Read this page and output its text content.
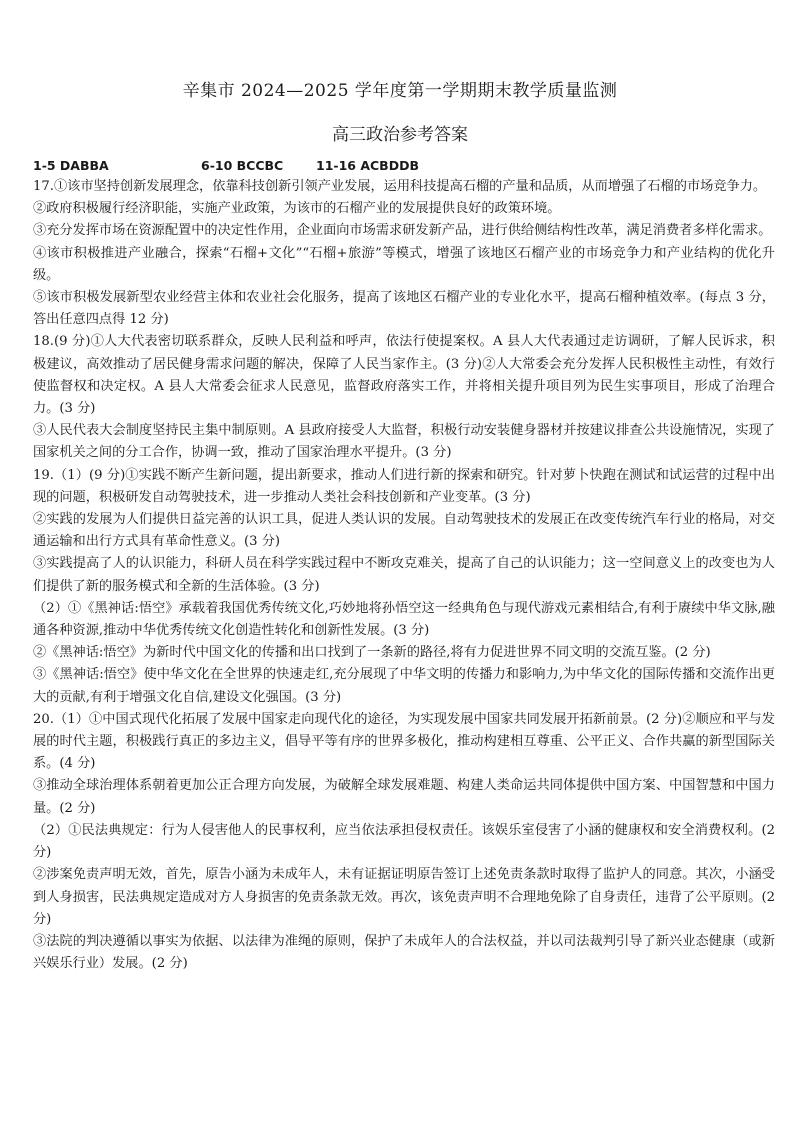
辛集市 2024—2025 学年度第一学期期末教学质量监测
高三政治参考答案
1-5 DABBA	6-10 BCCBC	11-16 ACBDDB

17.①该市坚持创新发展理念，依靠科技创新引领产业发展，运用科技提高石榴的产量和品质，从而增强了石榴的市场竞争力。

②政府积极履行经济职能，实施产业政策，为该市的石榴产业的发展提供良好的政策环境。

③充分发挥市场在资源配置中的决定性作用，企业面向市场需求研发新产品，进行供给侧结构性改革，满足消费者多样化需求。

④该市积极推进产业融合，探索“石榴+文化”“石榴+旅游”等模式，增强了该地区石榴产业的市场竞争力和产业结构的优化升级。

⑤该市积极发展新型农业经营主体和农业社会化服务，提高了该地区石榴产业的专业化水平，提高石榴种植效率。(每点 3 分，答出任意四点得 12 分)

18.(9 分)①人大代表密切联系群众，反映人民利益和呼声，依法行使提案权。A 县人大代表通过走访调研，了解人民诉求，积极建议，高效推动了居民健身需求问题的解决，保障了人民当家作主。(3 分)②人大常委会充分发挥人民积极性主动性，有效行使监督权和决定权。A 县人大常委会征求人民意见，监督政府落实工作，并将相关提升项目列为民生实事项目，形成了治理合力。(3 分)

③人民代表大会制度坚持民主集中制原则。A 县政府接受人大监督，积极行动安装健身器材并按建议排查公共设施情况，实现了国家机关之间的分工合作，协调一致，推动了国家治理水平提升。(3 分)

19.（1）(9 分)①实践不断产生新问题，提出新要求，推动人们进行新的探索和研究。针对萝卜快跑在测试和试运营的过程中出现的问题，积极研发自动驾驶技术，进一步推动人类社会科技创新和产业变革。(3 分)

②实践的发展为人们提供日益完善的认识工具，促进人类认识的发展。自动驾驶技术的发展正在改变传统汽车行业的格局，对交通运输和出行方式具有革命性意义。(3 分)

③实践提高了人的认识能力，科研人员在科学实践过程中不断攻克难关，提高了自己的认识能力；这一空间意义上的改变也为人们提供了新的服务模式和全新的生活体验。(3 分)

（2）①《黑神话:悟空》承载着我国优秀传统文化,巧妙地将孙悟空这一经典角色与现代游戏元素相结合,有利于赓续中华文脉,融通各种资源,推动中华优秀传统文化创造性转化和创新性发展。(3 分)

②《黑神话:悟空》为新时代中国文化的传播和出口找到了一条新的路径,将有力促进世界不同文明的交流互鉴。(2 分)

③《黑神话:悟空》使中华文化在全世界的快速走红,充分展现了中华文明的传播力和影响力,为中华文化的国际传播和交流作出更大的贡献,有利于增强文化自信,建设文化强国。(3 分)

20.（1）①中国式现代化拓展了发展中国家走向现代化的途径，为实现发展中国家共同发展开拓新前景。(2 分)②顺应和平与发展的时代主题，积极践行真正的多边主义，倡导平等有序的世界多极化，推动构建相互尊重、公平正义、合作共赢的新型国际关系。(4 分)

③推动全球治理体系朝着更加公正合理方向发展，为破解全球发展难题、构建人类命运共同体提供中国方案、中国智慧和中国力量。(2 分)

（2）①民法典规定：行为人侵害他人的民事权利，应当依法承担侵权责任。该娱乐室侵害了小涵的健康权和安全消费权利。(2 分)

②涉案免责声明无效，首先，原告小涵为未成年人，未有证据证明原告签订上述免责条款时取得了监护人的同意。其次，小涵受到人身损害，民法典规定造成对方人身损害的免责条款无效。再次，该免责声明不合理地免除了自身责任，违背了公平原则。(2 分)

③法院的判决遵循以事实为依据、以法律为准绳的原则，保护了未成年人的合法权益，并以司法裁判引导了新兴业态健康（或新兴娱乐行业）发展。(2 分)
